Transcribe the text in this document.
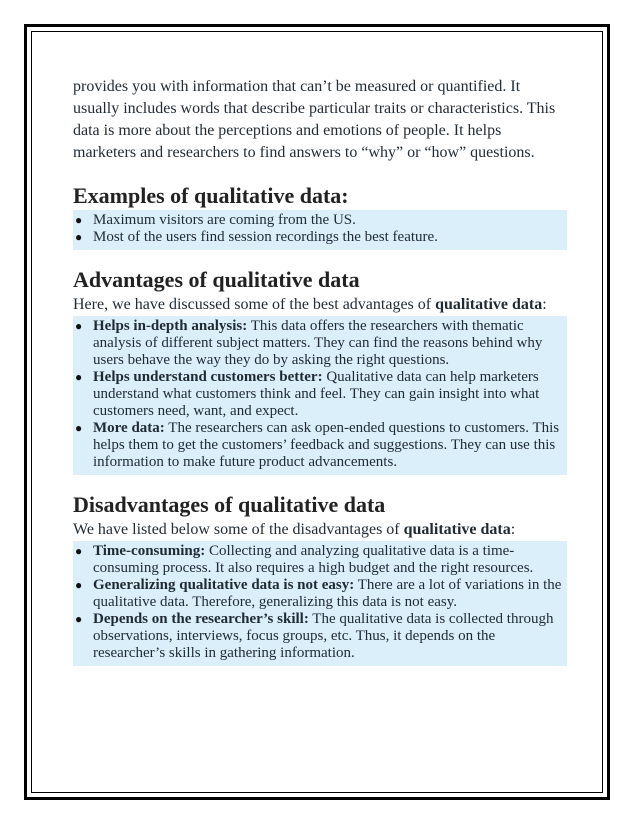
provides you with information that can’t be measured or quantified. It usually includes words that describe particular traits or characteristics. This data is more about the perceptions and emotions of people. It helps marketers and researchers to find answers to “why” or “how” questions.

Examples of qualitative data:
● Maximum visitors are coming from the US.
● Most of the users find session recordings the best feature.
Advantages of qualitative data

Here, we have discussed some of the best advantages of qualitative data:

● Helps in-depth analysis: This data offers the researchers with thematic analysis of different subject matters. They can find the reasons behind why users behave the way they do by asking the right questions.
● Helps understand customers better: Qualitative data can help marketers understand what customers think and feel. They can gain insight into what customers need, want, and expect.
● More data: The researchers can ask open-ended questions to customers. This helps them to get the customers’ feedback and suggestions. They can use this information to make future product advancements.
Disadvantages of qualitative data

We have listed below some of the disadvantages of qualitative data:

● Time-consuming: Collecting and analyzing qualitative data is a time-consuming process. It also requires a high budget and the right resources.
● Generalizing qualitative data is not easy: There are a lot of variations in the qualitative data. Therefore, generalizing this data is not easy.
● Depends on the researcher’s skill: The qualitative data is collected through observations, interviews, focus groups, etc. Thus, it depends on the researcher’s skills in gathering information.
